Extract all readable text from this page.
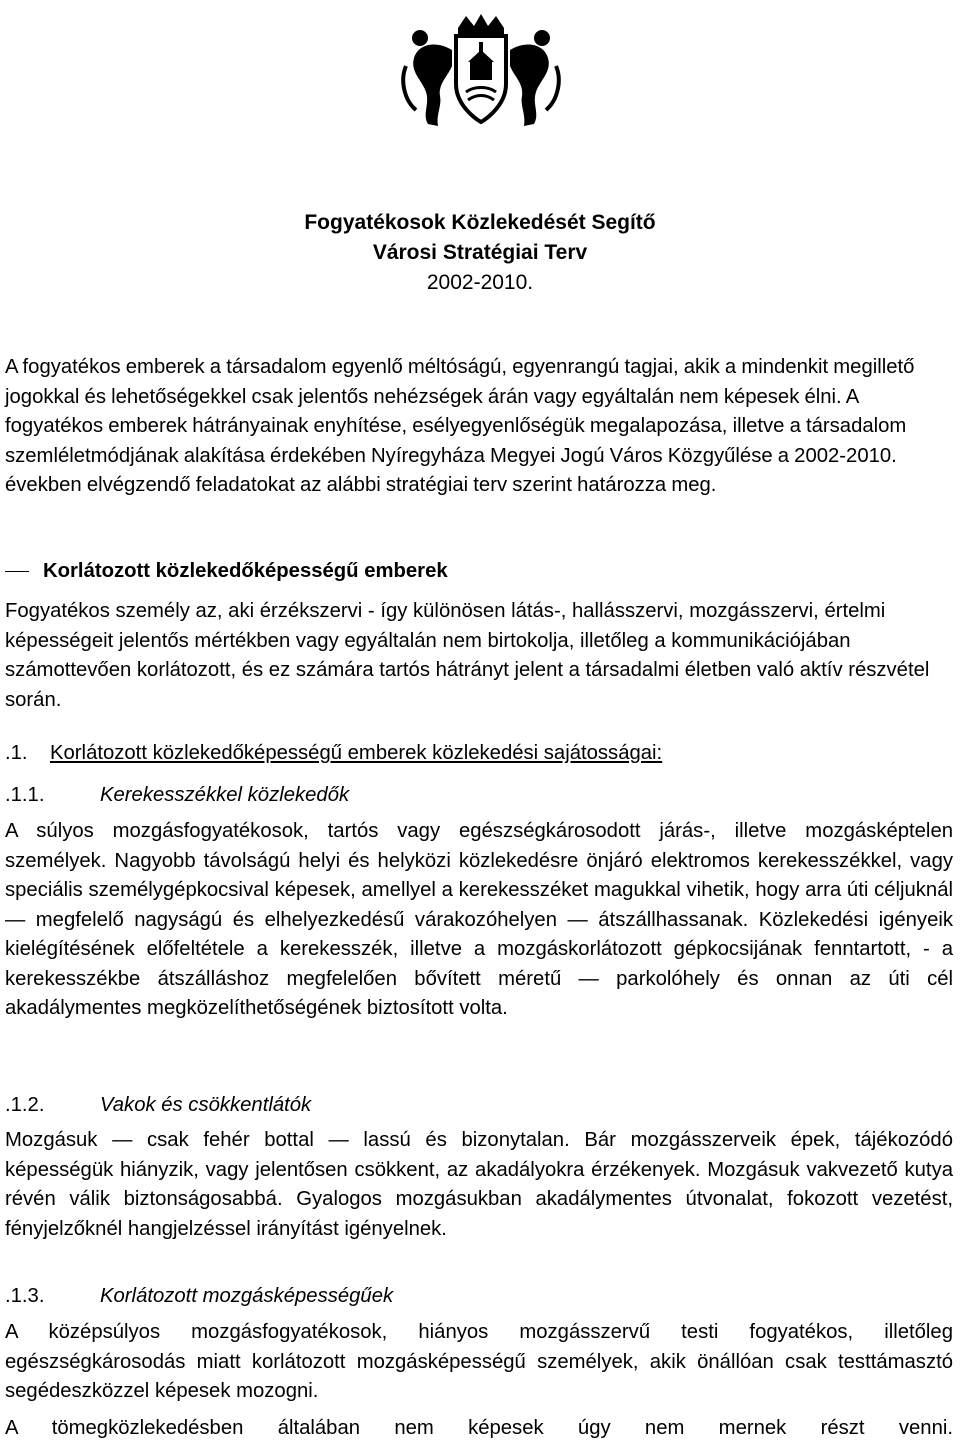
Fogyatékosok Közlekedését Segítő
Városi Stratégiai Terv
2002-2010.
A fogyatékos emberek a társadalom egyenlő méltóságú, egyenrangú tagjai, akik a mindenkit megillető jogokkal és lehetőségekkel csak jelentős nehézségek árán vagy egyáltalán nem képesek élni. A fogyatékos emberek hátrányainak enyhítése, esélyegyenlőségük megalapozása, illetve a társadalom szemléletmódjának alakítása érdekében Nyíregyháza Megyei Jogú Város Közgyűlése a 2002-2010. években elvégzendő feladatokat az alábbi stratégiai terv szerint határozza meg.
Korlátozott közlekedőképességű emberek
Fogyatékos személy az, aki érzékszervi - így különösen látás-, hallásszervi, mozgásszervi, értelmi képességeit jelentős mértékben vagy egyáltalán nem birtokolja, illetőleg a kommunikációjában számottevően korlátozott, és ez számára tartós hátrányt jelent a társadalmi életben való aktív részvétel során.
.1. Korlátozott közlekedőképességű emberek közlekedési sajátosságai:
.1.1.	Kerekesszékkel közlekedők
A súlyos mozgásfogyatékosok, tartós vagy egészségkárosodott járás-, illetve mozgásképtelen személyek. Nagyobb távolságú helyi és helyközi közlekedésre önjáró elektromos kerekesszékkel, vagy speciális személygépkocsival képesek, amellyel a kerekesszéket magukkal vihetik, hogy arra úti céljuknál — megfelelő nagyságú és elhelyezkedésű várakozóhelyen — átszállhassanak. Közlekedési igényeik kielégítésének előfeltétele a kerekesszék, illetve a mozgáskorlátozott gépkocsijának fenntartott, - a kerekesszékbe átszálláshoz megfelelően bővített méretű — parkolóhely és onnan az úti cél akadálymentes megközelíthetőségének biztosított volta.
.1.2.	Vakok és csökkentlátók
Mozgásuk — csak fehér bottal — lassú és bizonytalan. Bár mozgásszerveik épek, tájékozódó képességük hiányzik, vagy jelentősen csökkent, az akadályokra érzékenyek. Mozgásuk vakvezető kutya révén válik biztonságosabbá. Gyalogos mozgásukban akadálymentes útvonalat, fokozott vezetést, fényjelzőknél hangjelzéssel irányítást igényelnek.
.1.3.	Korlátozott mozgásképességűek
A középsúlyos mozgásfogyatékosok, hiányos mozgásszervű testi fogyatékos, illetőleg egészségkárosodás miatt korlátozott mozgásképességű személyek, akik önállóan csak testtámasztó segédeszközzel képesek mozogni.
A tömegközlekedésben általában nem képesek úgy nem mernek részt venni.
